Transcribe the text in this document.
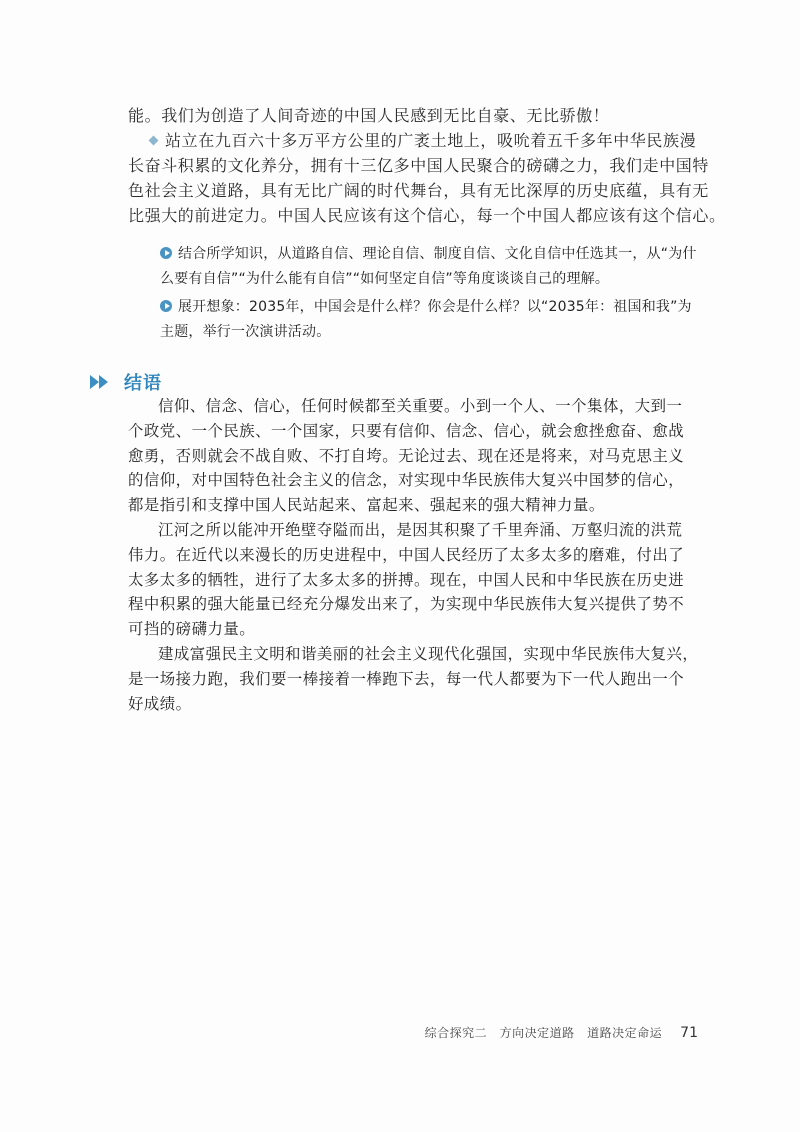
能。我们为创造了人间奇迹的中国人民感到无比自豪、无比骄傲！
站立在九百六十多万平方公里的广袤土地上，吸吮着五千多年中华民族漫
长奋斗积累的文化养分，拥有十三亿多中国人民聚合的磅礴之力，我们走中国特
色社会主义道路，具有无比广阔的时代舞台，具有无比深厚的历史底蕴，具有无
比强大的前进定力。中国人民应该有这个信心，每一个中国人都应该有这个信心。
结合所学知识，从道路自信、理论自信、制度自信、文化自信中任选其一，从“为什
么要有自信”“为什么能有自信”“如何坚定自信”等角度谈谈自己的理解。
展开想象：2035年，中国会是什么样？你会是什么样？以“2035年：祖国和我”为
主题，举行一次演讲活动。
结语
信仰、信念、信心，任何时候都至关重要。小到一个人、一个集体，大到一
个政党、一个民族、一个国家，只要有信仰、信念、信心，就会愈挫愈奋、愈战
愈勇，否则就会不战自败、不打自垮。无论过去、现在还是将来，对马克思主义
的信仰，对中国特色社会主义的信念，对实现中华民族伟大复兴中国梦的信心，
都是指引和支撑中国人民站起来、富起来、强起来的强大精神力量。
江河之所以能冲开绝壁夺隘而出，是因其积聚了千里奔涌、万壑归流的洪荒
伟力。在近代以来漫长的历史进程中，中国人民经历了太多太多的磨难，付出了
太多太多的牺牲，进行了太多太多的拼搏。现在，中国人民和中华民族在历史进
程中积累的强大能量已经充分爆发出来了，为实现中华民族伟大复兴提供了势不
可挡的磅礴力量。
建成富强民主文明和谐美丽的社会主义现代化强国，实现中华民族伟大复兴，
是一场接力跑，我们要一棒接着一棒跑下去，每一代人都要为下一代人跑出一个
好成绩。
综合探究二　方向决定道路　道路决定命运 71
